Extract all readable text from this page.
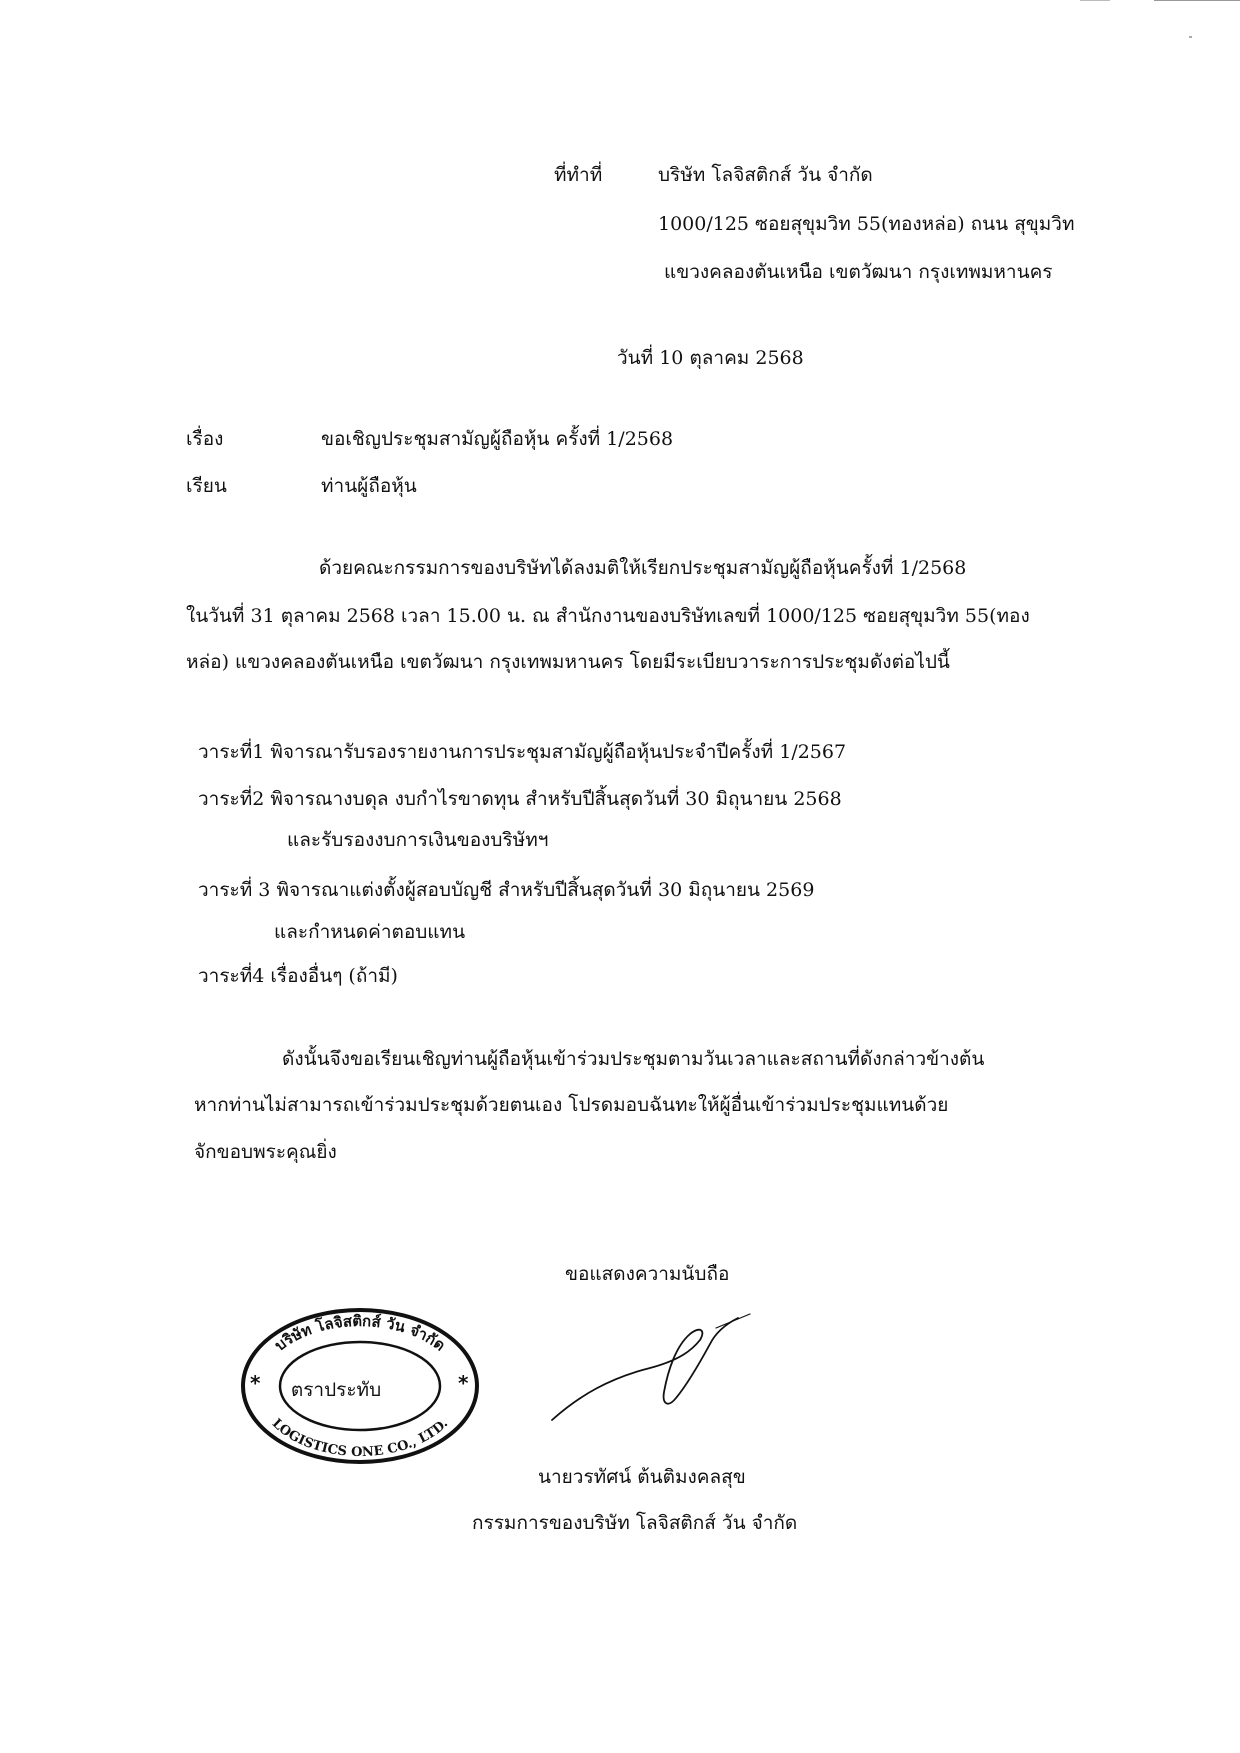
ที่ทำที่	บริษัท โลจิสติกส์ วัน จำกัด
1000/125 ซอยสุขุมวิท 55(ทองหล่อ) ถนน สุขุมวิท
แขวงคลองตันเหนือ เขตวัฒนา กรุงเทพมหานคร
วันที่ 10 ตุลาคม 2568
เรื่อง	ขอเชิญประชุมสามัญผู้ถือหุ้น ครั้งที่ 1/2568
เรียน	ท่านผู้ถือหุ้น
ด้วยคณะกรรมการของบริษัทได้ลงมติให้เรียกประชุมสามัญผู้ถือหุ้นครั้งที่ 1/2568
ในวันที่ 31 ตุลาคม 2568 เวลา 15.00 น. ณ สำนักงานของบริษัทเลขที่ 1000/125 ซอยสุขุมวิท 55(ทอง
หล่อ) แขวงคลองตันเหนือ เขตวัฒนา กรุงเทพมหานคร โดยมีระเบียบวาระการประชุมดังต่อไปนี้
วาระที่1 พิจารณารับรองรายงานการประชุมสามัญผู้ถือหุ้นประจำปีครั้งที่ 1/2567
วาระที่2 พิจารณางบดุล งบกำไรขาดทุน สำหรับปีสิ้นสุดวันที่ 30 มิถุนายน 2568
และรับรองงบการเงินของบริษัทฯ
วาระที่ 3 พิจารณาแต่งตั้งผู้สอบบัญชี สำหรับปีสิ้นสุดวันที่ 30 มิถุนายน 2569
และกำหนดค่าตอบแทน
วาระที่4 เรื่องอื่นๆ (ถ้ามี)
ดังนั้นจึงขอเรียนเชิญท่านผู้ถือหุ้นเข้าร่วมประชุมตามวันเวลาและสถานที่ดังกล่าวข้างต้น
หากท่านไม่สามารถเข้าร่วมประชุมด้วยตนเอง โปรดมอบฉันทะให้ผู้อื่นเข้าร่วมประชุมแทนด้วย
จักขอบพระคุณยิ่ง
ขอแสดงความนับถือ
*	*
บริษัท โลจิสติกส์ วัน จำกัด
LOGISTICS ONE CO., LTD.
ตราประทับ
นายวรทัศน์ ต้นติมงคลสุข
กรรมการของบริษัท โลจิสติกส์ วัน จำกัด
